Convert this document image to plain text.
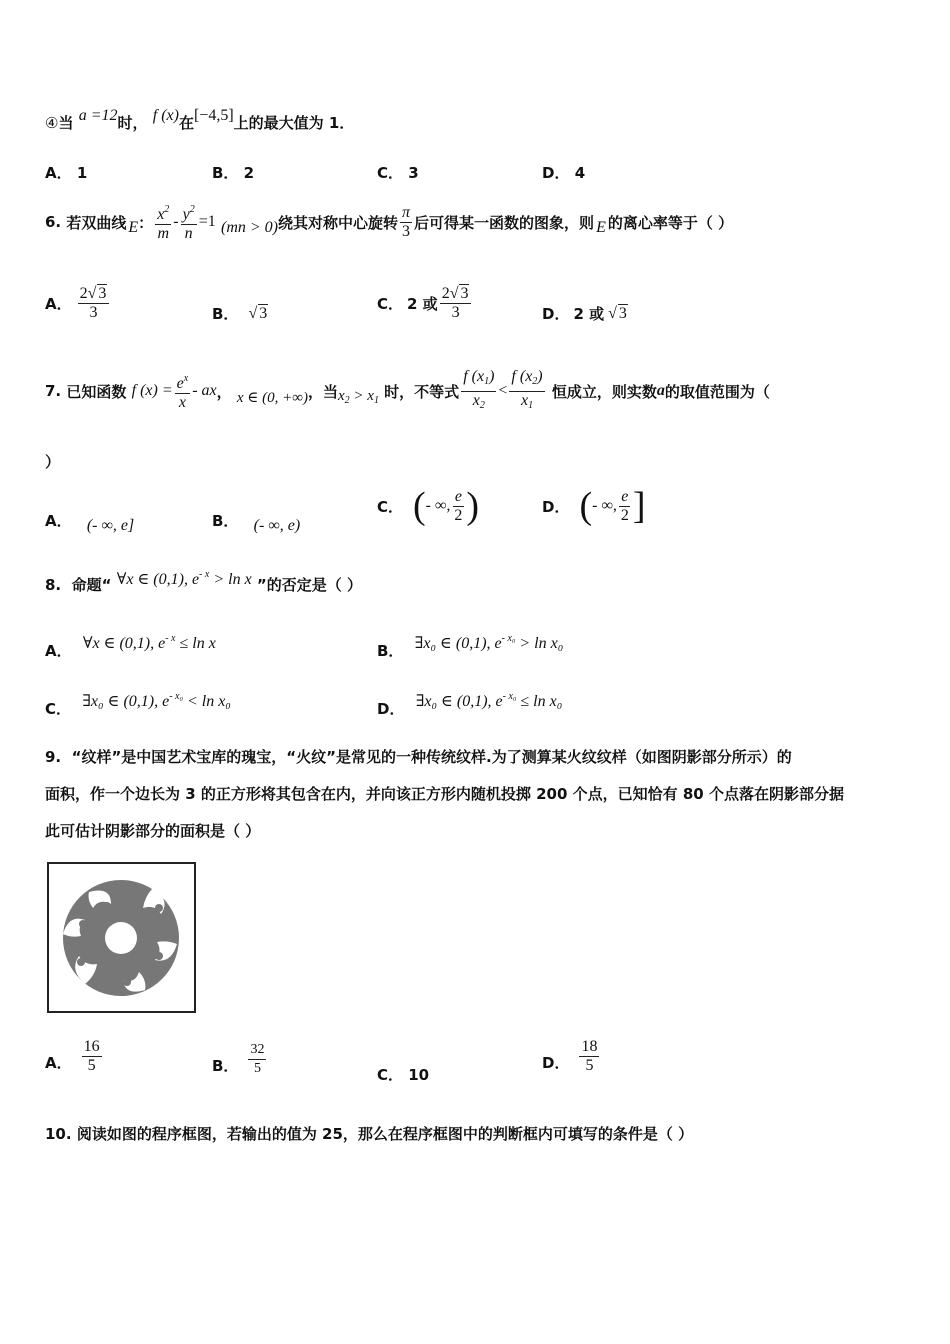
④当 a =12时， f (x)在[−4,5]上的最大值为 1．
A． 1	B． 2	C． 3	D． 4
6.
若双曲线 E ： $\frac{x^2}{m} - \frac{y^2}{n} =1$
(mn > 0) 绕其对称中心旋转 $\frac{\pi}{3}$ 后可得某一函数的图象，则 E 的离心率等于（ ）
A． $\frac{2√ 3}{3}$	B． √ 3
C． 2 或 $\frac{2√ 3}{3}$	D． 2 或 √ 3
7.
已知函数
f $(x) = \frac{e^x}{x}$ - ax ，
x ∈ (0, +∞) ，当 $x_2 > x_1$
时，不等式 $\frac{f (x_1)}{x_2} < \frac{f (x_2)}{x_1}$
恒成立，则实数 a 的取值范围为（
）
A． (- ∞, e]	B． (- ∞, e)
C． ( - ∞, $\frac{e}{2}$ )	D． ( - ∞, $\frac{e}{2}$ ]
8. 命题“ ∀x ∈ (0,1), $e^{- x} > \ln x$ ”的否定是（ ）
A． ∀x ∈ (0,1), $e^{- x} \le \ln x$	B． ∃x₀ ∈ (0,1), $e^{- x_0} > \ln x_0$
C． ∃x₀ ∈ (0,1), $e^{- x_0} < \ln x_0$	D． ∃x₀ ∈ (0,1), $e^{- x_0} \le \ln x_0$
9. “纹样”是中国艺术宝库的瑰宝，“火纹”是常见的一种传统纹样.为了测算某火纹纹样（如图阴影部分所示）的
面积，作一个边长为 3 的正方形将其包含在内，并向该正方形内随机投掷 200 个点，已知恰有 80 个点落在阴影部分据
此可估计阴影部分的面积是（ ）
A． $\frac{16}{5}$	B． $\frac{32}{5}$	C． 10
D． $\frac{18}{5}$
10. 阅读如图的程序框图，若输出的值为 25，那么在程序框图中的判断框内可填写的条件是（ ）
